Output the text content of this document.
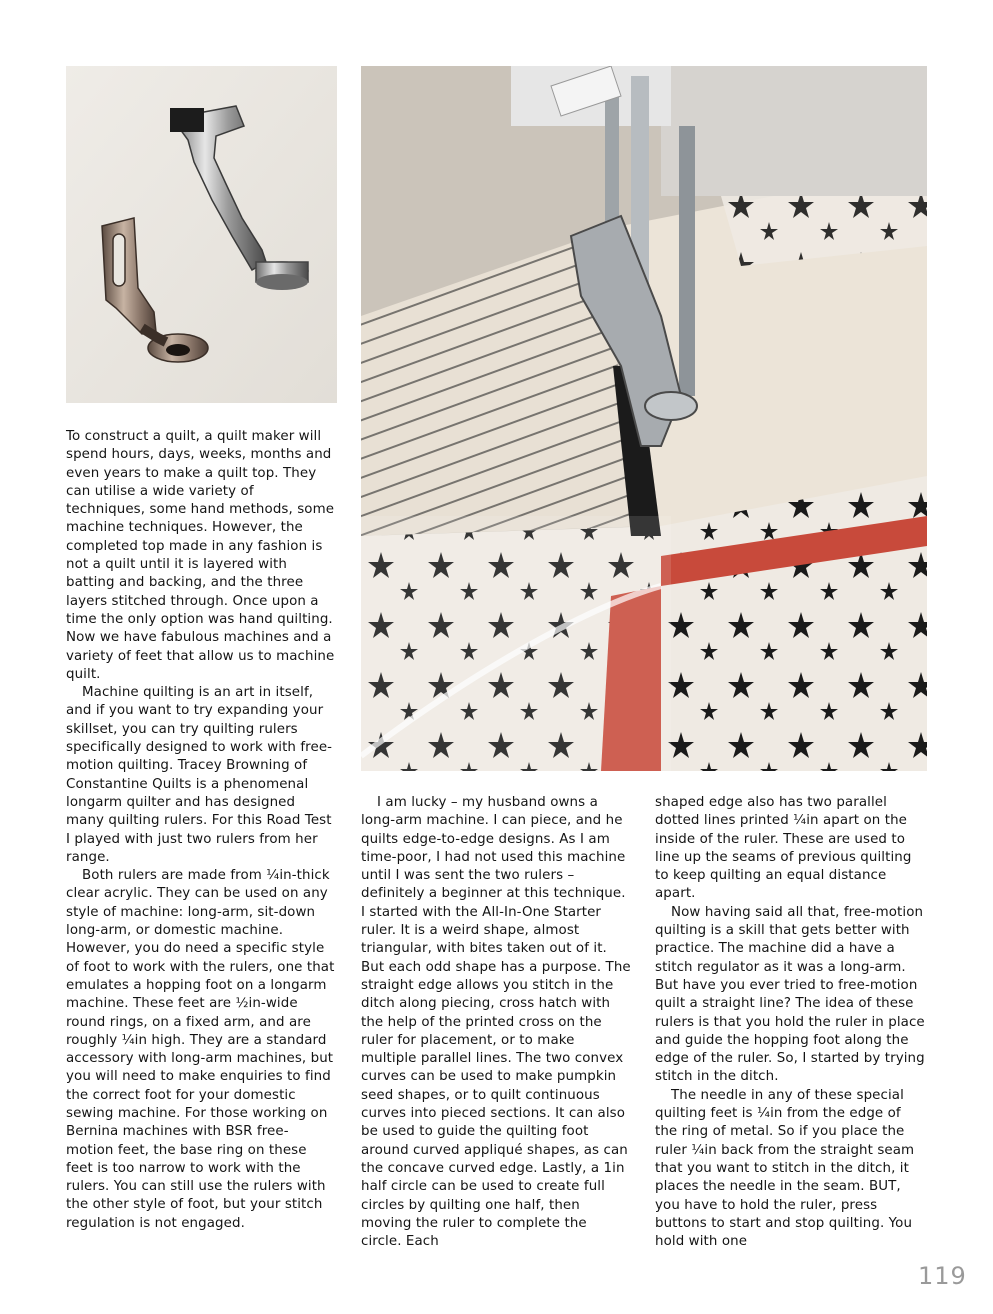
To construct a quilt, a quilt maker will spend hours, days, weeks, months and even years to make a quilt top. They can utilise a wide variety of techniques, some hand methods, some machine techniques. However, the completed top made in any fashion is not a quilt until it is layered with batting and backing, and the three layers stitched through. Once upon a time the only option was hand quilting. Now we have fabulous machines and a variety of feet that allow us to machine quilt.

Machine quilting is an art in itself, and if you want to try expanding your skillset, you can try quilting rulers specifically designed to work with free-motion quilting. Tracey Browning of Constantine Quilts is a phenomenal longarm quilter and has designed many quilting rulers. For this Road Test I played with just two rulers from her range.

Both rulers are made from ¼in-thick clear acrylic. They can be used on any style of machine: long-arm, sit-down long-arm, or domestic machine. However, you do need a specific style of foot to work with the rulers, one that emulates a hopping foot on a longarm machine. These feet are ½in-wide round rings, on a fixed arm, and are roughly ¼in high. They are a standard accessory with long-arm machines, but you will need to make enquiries to find the correct foot for your domestic sewing machine. For those working on Bernina machines with BSR free-motion feet, the base ring on these feet is too narrow to work with the rulers. You can still use the rulers with the other style of foot, but your stitch regulation is not engaged.

I am lucky – my husband owns a long-arm machine. I can piece, and he quilts edge-to-edge designs. As I am time-poor, I had not used this machine until I was sent the two rulers – definitely a beginner at this technique. I started with the All-In-One Starter ruler. It is a weird shape, almost triangular, with bites taken out of it. But each odd shape has a purpose. The straight edge allows you stitch in the ditch along piecing, cross hatch with the help of the printed cross on the ruler for placement, or to make multiple parallel lines. The two convex curves can be used to make pumpkin seed shapes, or to quilt continuous curves into pieced sections. It can also be used to guide the quilting foot around curved appliqué shapes, as can the concave curved edge. Lastly, a 1in half circle can be used to create full circles by quilting one half, then moving the ruler to complete the circle. Each

shaped edge also has two parallel dotted lines printed ¼in apart on the inside of the ruler. These are used to line up the seams of previous quilting to keep quilting an equal distance apart.

Now having said all that, free-motion quilting is a skill that gets better with practice. The machine did a have a stitch regulator as it was a long-arm. But have you ever tried to free-motion quilt a straight line? The idea of these rulers is that you hold the ruler in place and guide the hopping foot along the edge of the ruler. So, I started by trying stitch in the ditch.

The needle in any of these special quilting feet is ¼in from the edge of the ring of metal. So if you place the ruler ¼in back from the straight seam that you want to stitch in the ditch, it places the needle in the seam. BUT, you have to hold the ruler, press buttons to start and stop quilting. You hold with one

119
